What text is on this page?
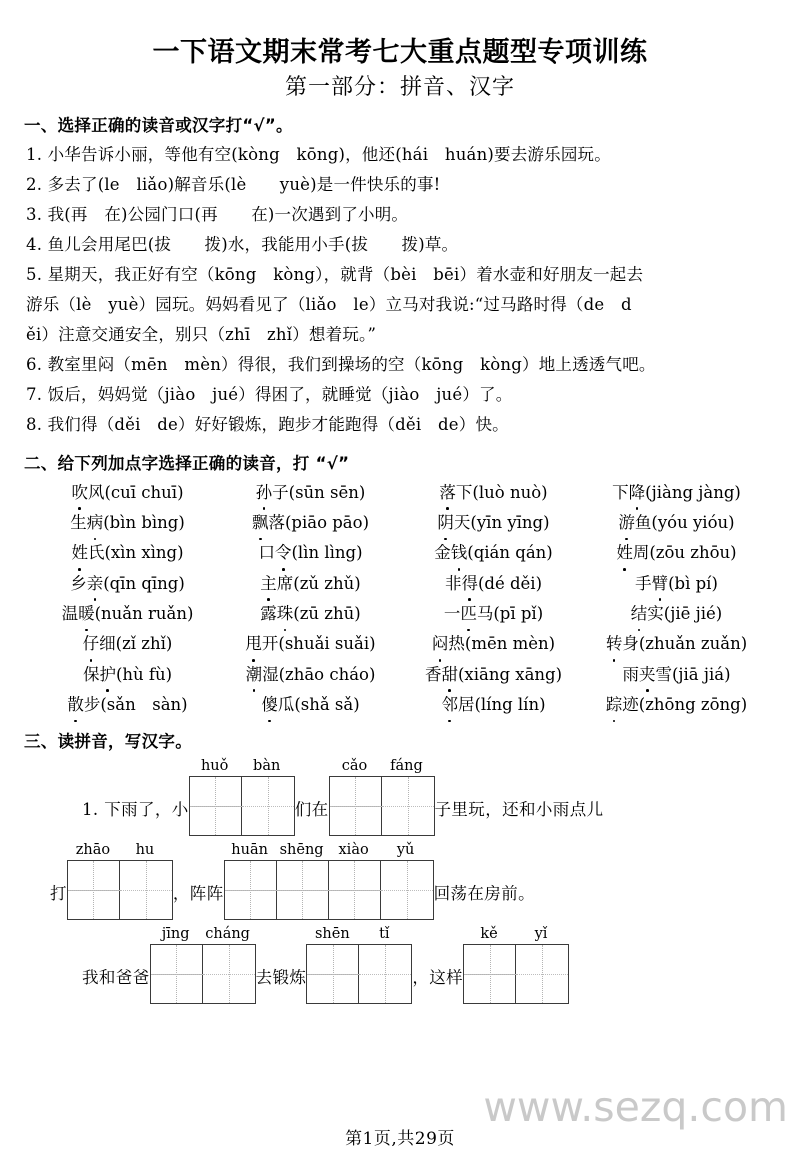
一下语文期末常考七大重点题型专项训练
第一部分：拼音、汉字
一、选择正确的读音或汉字打“√”。
1. 小华告诉小丽，等他有空(kòng　kōng)，他还(hái　huán)要去游乐园玩。
2. 多去了(le　liǎo)解音乐(lè　　yuè)是一件快乐的事!
3. 我(再　在)公园门口(再　　在)一次遇到了小明。
4. 鱼儿会用尾巴(拔　　拨)水，我能用小手(拔　　拨)草。
5. 星期天，我正好有空（kōng　kòng），就背（bèi　bēi）着水壶和好朋友一起去
游乐（lè　yuè）园玩。妈妈看见了（liǎo　le）立马对我说:“过马路时得（de　d
ěi）注意交通安全，别只（zhī　zhǐ）想着玩。”
6. 教室里闷（mēn　mèn）得很，我们到操场的空（kōng　kòng）地上透透气吧。
7. 饭后，妈妈觉（jiào　jué）得困了，就睡觉（jiào　jué）了。
8. 我们得（děi　de）好好锻炼，跑步才能跑得（děi　de）快。
二、给下列加点字选择正确的读音，打 “√”
吹风(cuī chuī)	孙子(sūn sēn)	落下(luò nuò)	下降(jiàng jàng)
生病(bìn bìng)	飘落(piāo pāo)	阴天(yīn yīng)	游鱼(yóu yióu)
姓氏(xìn xìng)	口令(lìn lìng)	金钱(qián qán)	姓周(zōu zhōu)
乡亲(qīn qīng)	主席(zǔ zhǔ)	非得(dé děi)	手臂(bì pí)
温暖(nuǎn ruǎn)	露珠(zū zhū)	一匹马(pī pǐ)	结实(jiē jié)
仔细(zǐ zhǐ)	甩开(shuǎi suǎi)	闷热(mēn mèn)	转身(zhuǎn zuǎn)
保护(hù fù)	潮湿(zhāo cháo)	香甜(xiāng xāng)	雨夹雪(jiā jiá)
散步(sǎn　sàn)	傻瓜(shǎ sǎ)	邻居(líng lín)	踪迹(zhōng zōng)
三、读拼音，写汉字。
1. 下雨了，小
huǒ	bàn
们在
cǎo	fáng
子里玩，还和小雨点儿
打
zhāo	hu
，阵阵
huān shēng	xiào	yǔ
回荡在房前。
我和爸爸
jīng	cháng
去锻炼
shēn	tǐ
，这样
kě	yǐ
www.sezq.com
第1页,共29页
